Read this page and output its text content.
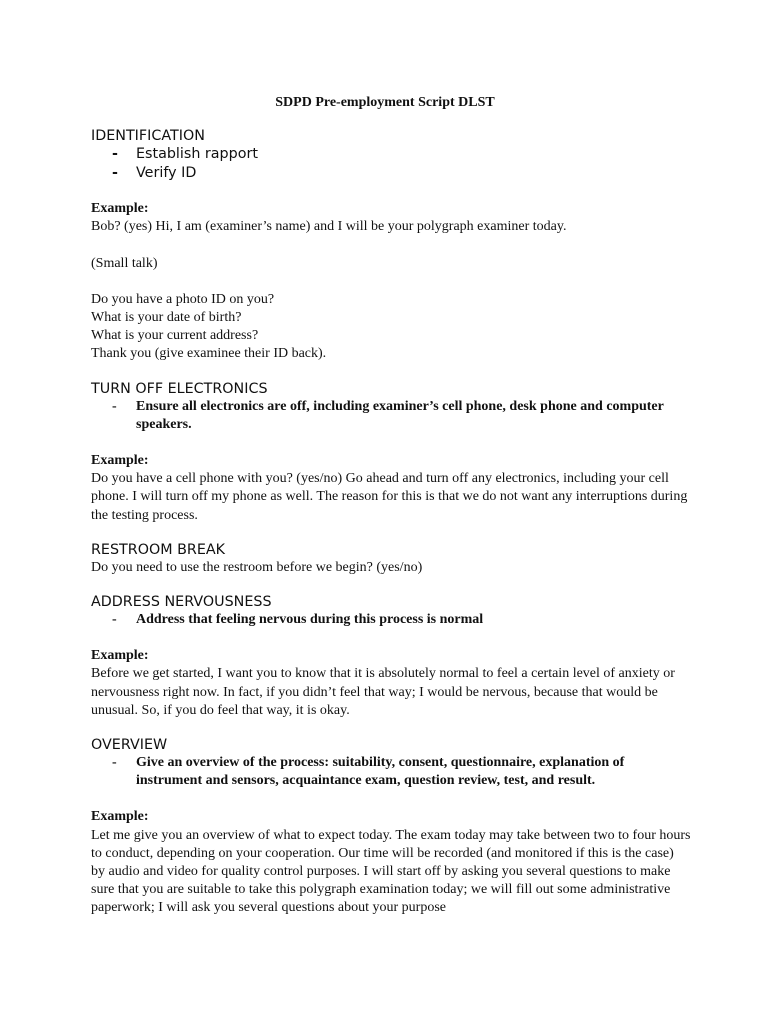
SDPD Pre-employment Script DLST
IDENTIFICATION
- Establish rapport
- Verify ID
Example:

Bob? (yes) Hi, I am (examiner’s name) and I will be your polygraph examiner today.

(Small talk)

Do you have a photo ID on you?

What is your date of birth?

What is your current address?

Thank you (give examinee their ID back).

TURN OFF ELECTRONICS
- Ensure all electronics are off, including examiner’s cell phone, desk phone and computer speakers.
Example:

Do you have a cell phone with you? (yes/no) Go ahead and turn off any electronics, including your cell phone. I will turn off my phone as well. The reason for this is that we do not want any interruptions during the testing process.

RESTROOM BREAK

Do you need to use the restroom before we begin? (yes/no)

ADDRESS NERVOUSNESS
- Address that feeling nervous during this process is normal
Example:

Before we get started, I want you to know that it is absolutely normal to feel a certain level of anxiety or nervousness right now. In fact, if you didn’t feel that way; I would be nervous, because that would be unusual. So, if you do feel that way, it is okay.

OVERVIEW
- Give an overview of the process: suitability, consent, questionnaire, explanation of instrument and sensors, acquaintance exam, question review, test, and result.
Example:

Let me give you an overview of what to expect today. The exam today may take between two to four hours to conduct, depending on your cooperation. Our time will be recorded (and monitored if this is the case) by audio and video for quality control purposes. I will start off by asking you several questions to make sure that you are suitable to take this polygraph examination today; we will fill out some administrative paperwork; I will ask you several questions about your purpose
